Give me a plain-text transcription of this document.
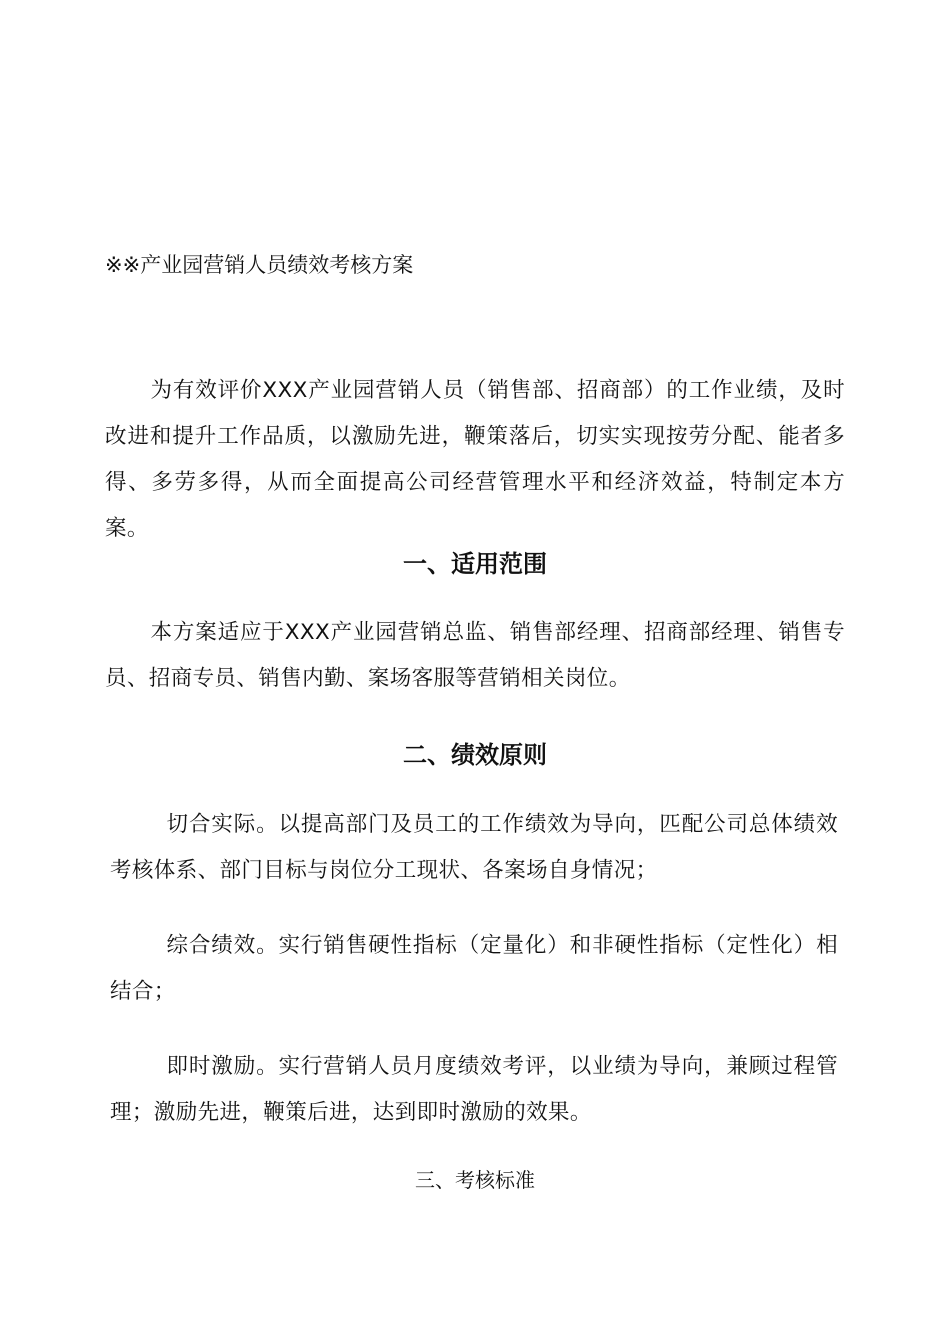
※※产业园营销人员绩效考核方案

为有效评价XXX产业园营销人员（销售部、招商部）的工作业绩，及时改进和提升工作品质，以激励先进，鞭策落后，切实实现按劳分配、能者多得、多劳多得，从而全面提高公司经营管理水平和经济效益，特制定本方案。

一、适用范围

本方案适应于XXX产业园营销总监、销售部经理、招商部经理、销售专员、招商专员、销售内勤、案场客服等营销相关岗位。

二、绩效原则

切合实际。以提高部门及员工的工作绩效为导向，匹配公司总体绩效考核体系、部门目标与岗位分工现状、各案场自身情况；

综合绩效。实行销售硬性指标（定量化）和非硬性指标（定性化）相结合；

即时激励。实行营销人员月度绩效考评，以业绩为导向，兼顾过程管理；激励先进，鞭策后进，达到即时激励的效果。

三、考核标准
